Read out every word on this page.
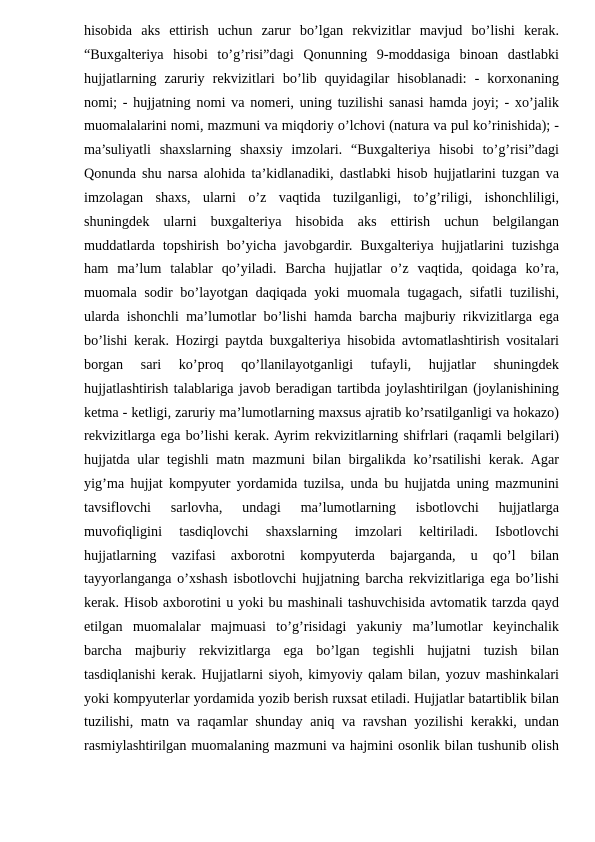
hisobida aks ettirish uchun zarur bo’lgan rekvizitlar mavjud bo’lishi kerak.
“Buxgalteriya hisobi to’g’risi”dagi Qonunning 9-moddasiga binoan dastlabki
hujjatlarning zaruriy rekvizitlari bo’lib quyidagilar hisoblanadi: - korxonaning
nomi; - hujjatning nomi va nomeri, uning tuzilishi sanasi hamda joyi; - xo’jalik
muomalalarini nomi, mazmuni va miqdoriy o’lchovi (natura va pul ko’rinishida); -
ma’suliyatli shaxslarning shaxsiy imzolari. “Buxgalteriya hisobi to’g’risi”dagi
Qonunda shu narsa alohida ta’kidlanadiki, dastlabki hisob hujjatlarini tuzgan va
imzolagan shaxs, ularni o’z vaqtida tuzilganligi, to’g’riligi, ishonchliligi,
shuningdek ularni buxgalteriya hisobida aks ettirish uchun belgilangan
muddatlarda topshirish bo’yicha javobgardir. Buxgalteriya hujjatlarini tuzishga
ham ma’lum talablar qo’yiladi. Barcha hujjatlar o’z vaqtida, qoidaga ko’ra,
muomala sodir bo’layotgan daqiqada yoki muomala tugagach, sifatli tuzilishi,
ularda ishonchli ma’lumotlar bo’lishi hamda barcha majburiy rikvizitlarga ega
bo’lishi kerak. Hozirgi paytda buxgalteriya hisobida avtomatlashtirish vositalari
borgan sari ko’proq qo’llanilayotganligi tufayli, hujjatlar shuningdek
hujjatlashtirish talablariga javob beradigan tartibda joylashtirilgan (joylanishining
ketma - ketligi, zaruriy ma’lumotlarning maxsus ajratib ko’rsatilganligi va hokazo)
rekvizitlarga ega bo’lishi kerak. Ayrim rekvizitlarning shifrlari (raqamli belgilari)
hujjatda ular tegishli matn mazmuni bilan birgalikda ko’rsatilishi kerak. Agar
yig’ma hujjat kompyuter yordamida tuzilsa, unda bu hujjatda uning mazmunini
tavsiflovchi sarlovha, undagi ma’lumotlarning isbotlovchi hujjatlarga
muvofiqligini tasdiqlovchi shaxslarning imzolari keltiriladi. Isbotlovchi
hujjatlarning vazifasi axborotni kompyuterda bajarganda, u qo’l bilan
tayyorlanganga o’xshash isbotlovchi hujjatning barcha rekvizitlariga ega bo’lishi
kerak. Hisob axborotini u yoki bu mashinali tashuvchisida avtomatik tarzda qayd
etilgan muomalalar majmuasi to’g’risidagi yakuniy ma’lumotlar keyinchalik
barcha majburiy rekvizitlarga ega bo’lgan tegishli hujjatni tuzish bilan
tasdiqlanishi kerak. Hujjatlarni siyoh, kimyoviy qalam bilan, yozuv mashinkalari
yoki kompyuterlar yordamida yozib berish ruxsat etiladi. Hujjatlar batartiblik bilan
tuzilishi, matn va raqamlar shunday aniq va ravshan yozilishi kerakki, undan
rasmiylashtirilgan muomalaning mazmuni va hajmini osonlik bilan tushunib olish
